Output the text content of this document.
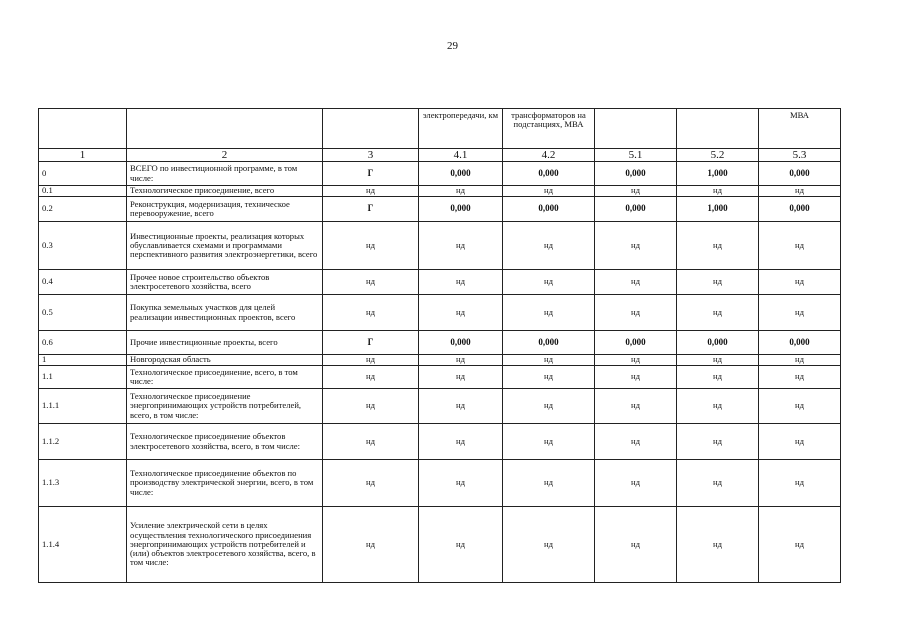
29
			электропередачи, км	трансформаторов на подстанциях, МВА			МВА
1	2	3	4.1	4.2	5.1	5.2	5.3
0	ВСЕГО по инвестиционной программе, в том числе:	Г	0,000	0,000	0,000	1,000	0,000
0.1	Технологическое присоединение, всего	нд	нд	нд	нд	нд	нд
0.2	Реконструкция, модернизация, техническое перевооружение, всего	Г	0,000	0,000	0,000	1,000	0,000
0.3	Инвестиционные проекты, реализация которых обуславливается схемами и программами перспективного развития электроэнергетики, всего	нд	нд	нд	нд	нд	нд
0.4	Прочее новое строительство объектов электросетевого хозяйства, всего	нд	нд	нд	нд	нд	нд
0.5	Покупка земельных участков для целей реализации инвестиционных проектов, всего	нд	нд	нд	нд	нд	нд
0.6	Прочие инвестиционные проекты, всего	Г	0,000	0,000	0,000	0,000	0,000
1	Новгородская область	нд	нд	нд	нд	нд	нд
1.1	Технологическое присоединение, всего, в том числе:	нд	нд	нд	нд	нд	нд
1.1.1	Технологическое присоединение энергопринимающих устройств потребителей, всего, в том числе:	нд	нд	нд	нд	нд	нд
1.1.2	Технологическое присоединение объектов электросетевого хозяйства, всего, в том числе:	нд	нд	нд	нд	нд	нд
1.1.3	Технологическое присоединение объектов по производству электрической энергии, всего, в том числе:	нд	нд	нд	нд	нд	нд
1.1.4	Усиление электрической сети в целях осуществления технологического присоединения энергопринимающих устройств потребителей и (или) объектов электросетевого хозяйства, всего, в том числе:	нд	нд	нд	нд	нд	нд
